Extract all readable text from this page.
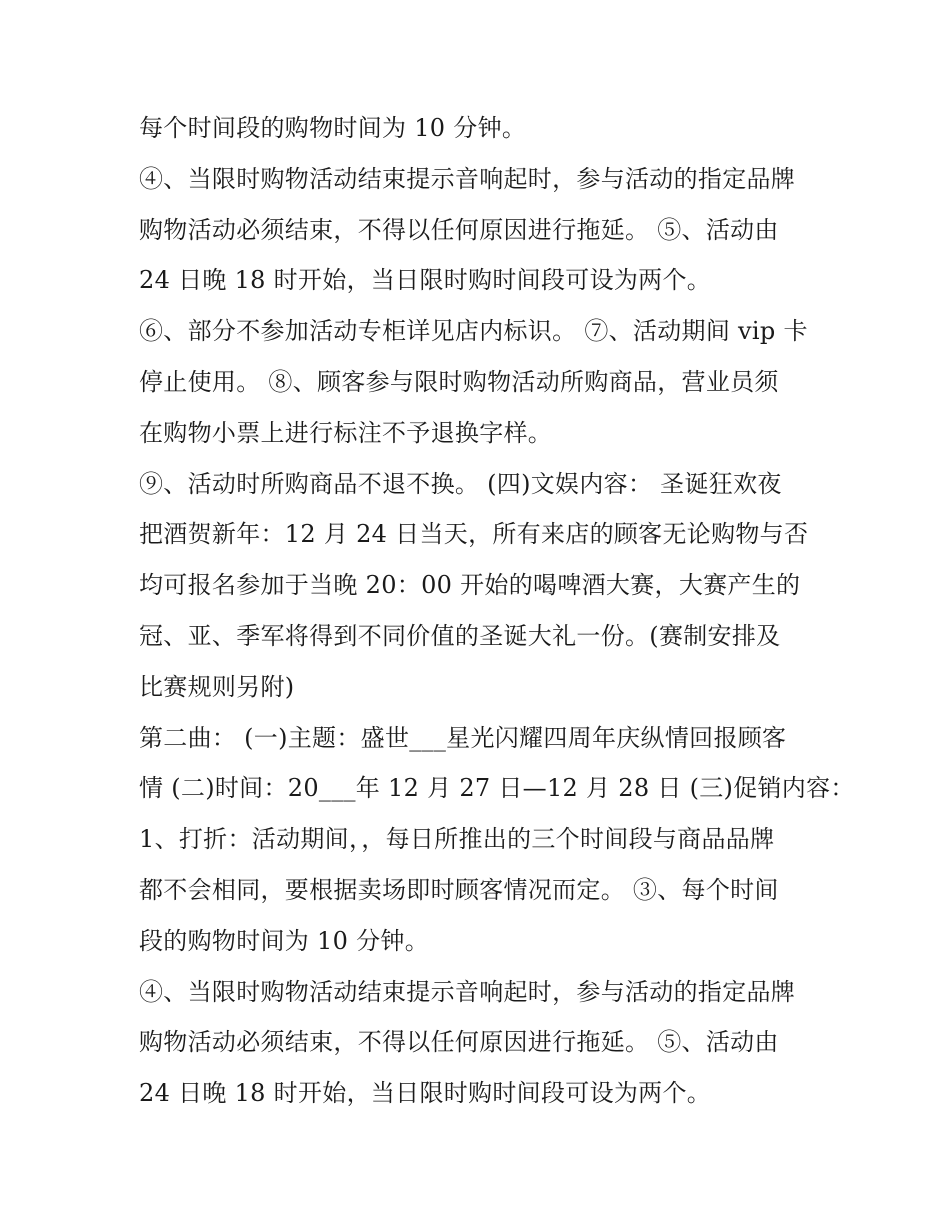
每个时间段的购物时间为 10 分钟。
④、当限时购物活动结束提示音响起时，参与活动的指定品牌
购物活动必须结束，不得以任何原因进行拖延。 ⑤、活动由
24 日晚 18 时开始，当日限时购时间段可设为两个。
⑥、部分不参加活动专柜详见店内标识。 ⑦、活动期间 vip 卡
停止使用。 ⑧、顾客参与限时购物活动所购商品，营业员须
在购物小票上进行标注不予退换字样。
⑨、活动时所购商品不退不换。 (四)文娱内容： 圣诞狂欢夜
把酒贺新年：12 月 24 日当天，所有来店的顾客无论购物与否
均可报名参加于当晚 20：00 开始的喝啤酒大赛，大赛产生的
冠、亚、季军将得到不同价值的圣诞大礼一份。(赛制安排及
比赛规则另附)
第二曲： (一)主题：盛世___星光闪耀四周年庆纵情回报顾客
情 (二)时间：20___年 12 月 27 日—12 月 28 日 (三)促销内容：
1、打折：活动期间，，每日所推出的三个时间段与商品品牌
都不会相同，要根据卖场即时顾客情况而定。 ③、每个时间
段的购物时间为 10 分钟。
④、当限时购物活动结束提示音响起时，参与活动的指定品牌
购物活动必须结束，不得以任何原因进行拖延。 ⑤、活动由
24 日晚 18 时开始，当日限时购时间段可设为两个。
